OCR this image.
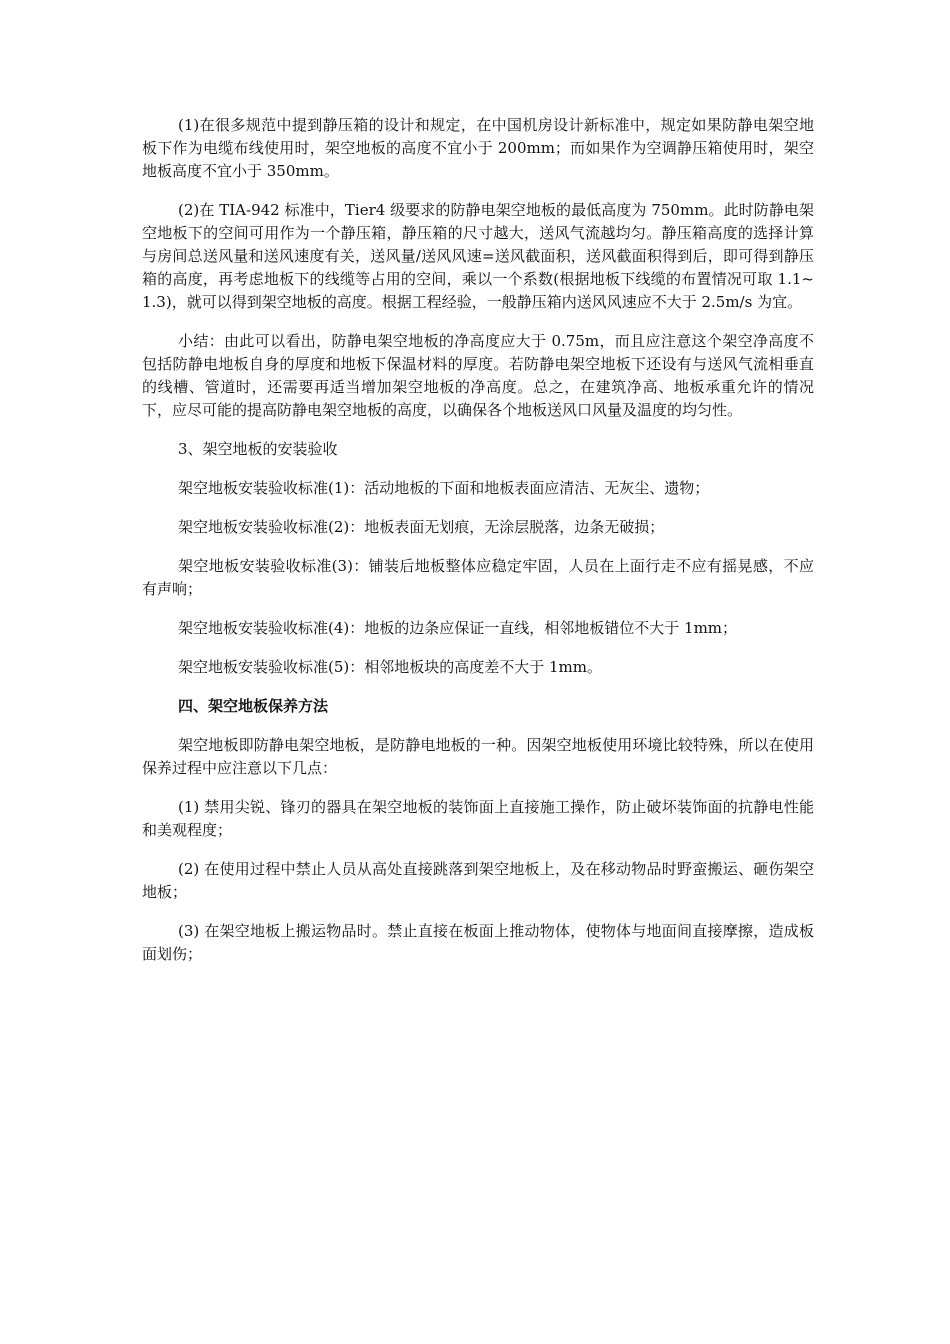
(1)在很多规范中提到静压箱的设计和规定，在中国机房设计新标准中，规定如果防静电架空地板下作为电缆布线使用时，架空地板的高度不宜小于 200mm；而如果作为空调静压箱使用时，架空地板高度不宜小于 350mm。

(2)在 TIA-942 标准中，Tier4 级要求的防静电架空地板的最低高度为 750mm。此时防静电架空地板下的空间可用作为一个静压箱，静压箱的尺寸越大，送风气流越均匀。静压箱高度的选择计算与房间总送风量和送风速度有关，送风量/送风风速=送风截面积，送风截面积得到后，即可得到静压箱的高度，再考虑地板下的线缆等占用的空间，乘以一个系数(根据地板下线缆的布置情况可取 1.1~1.3)，就可以得到架空地板的高度。根据工程经验，一般静压箱内送风风速应不大于 2.5m/s 为宜。

小结：由此可以看出，防静电架空地板的净高度应大于 0.75m，而且应注意这个架空净高度不包括防静电地板自身的厚度和地板下保温材料的厚度。若防静电架空地板下还设有与送风气流相垂直的线槽、管道时，还需要再适当增加架空地板的净高度。总之，在建筑净高、地板承重允许的情况下，应尽可能的提高防静电架空地板的高度，以确保各个地板送风口风量及温度的均匀性。

3、架空地板的安装验收

架空地板安装验收标准(1)：活动地板的下面和地板表面应清洁、无灰尘、遗物；

架空地板安装验收标准(2)：地板表面无划痕，无涂层脱落，边条无破损；

架空地板安装验收标准(3)：铺装后地板整体应稳定牢固，人员在上面行走不应有摇晃感，不应有声响；

架空地板安装验收标准(4)：地板的边条应保证一直线，相邻地板错位不大于 1mm；

架空地板安装验收标准(5)：相邻地板块的高度差不大于 1mm。

四、架空地板保养方法

架空地板即防静电架空地板，是防静电地板的一种。因架空地板使用环境比较特殊，所以在使用保养过程中应注意以下几点：

(1) 禁用尖锐、锋刃的器具在架空地板的装饰面上直接施工操作，防止破坏装饰面的抗静电性能和美观程度；

(2) 在使用过程中禁止人员从高处直接跳落到架空地板上，及在移动物品时野蛮搬运、砸伤架空地板；

(3) 在架空地板上搬运物品时。禁止直接在板面上推动物体，使物体与地面间直接摩擦，造成板面划伤；
